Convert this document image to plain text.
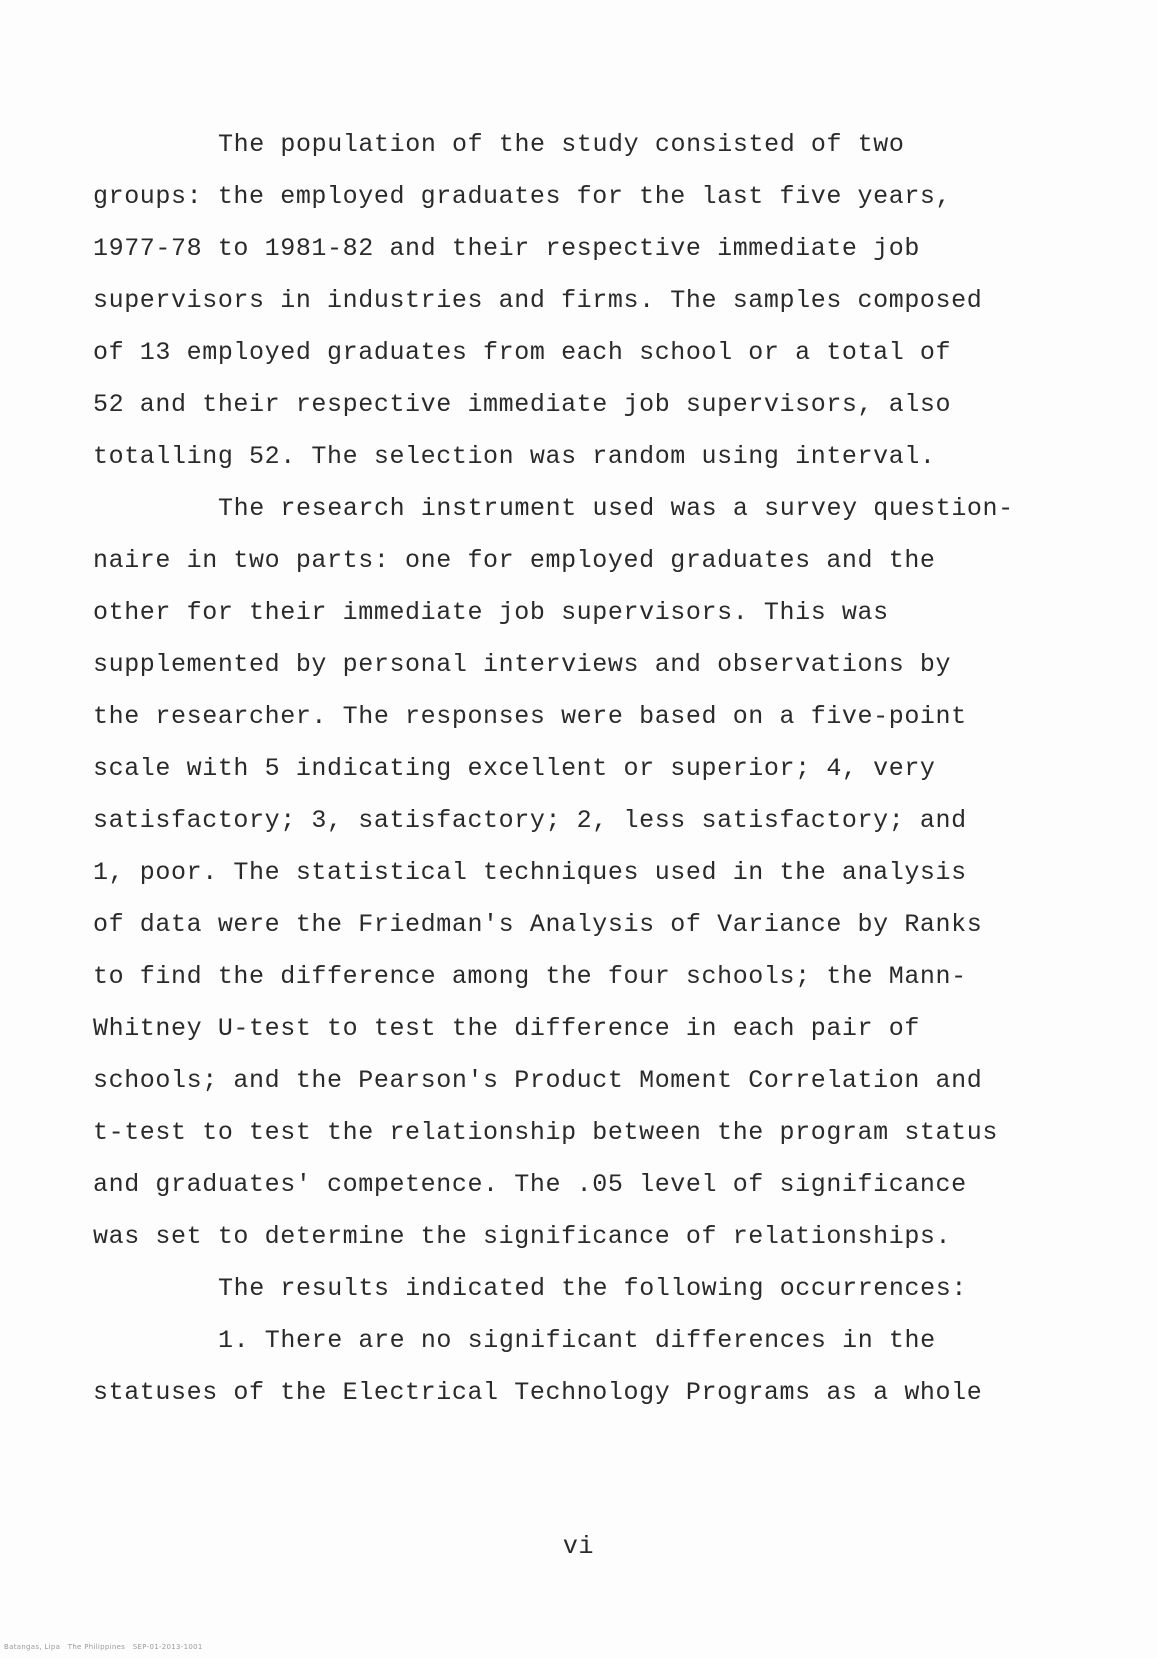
The population of the study consisted of two
groups: the employed graduates for the last five years,
1977-78 to 1981-82 and their respective immediate job
supervisors in industries and firms. The samples composed
of 13 employed graduates from each school or a total of
52 and their respective immediate job supervisors, also
totalling 52. The selection was random using interval.
The research instrument used was a survey question-
naire in two parts: one for employed graduates and the
other for their immediate job supervisors. This was
supplemented by personal interviews and observations by
the researcher. The responses were based on a five-point
scale with 5 indicating excellent or superior; 4, very
satisfactory; 3, satisfactory; 2, less satisfactory; and
1, poor. The statistical techniques used in the analysis
of data were the Friedman's Analysis of Variance by Ranks
to find the difference among the four schools; the Mann-
Whitney U-test to test the difference in each pair of
schools; and the Pearson's Product Moment Correlation and
t-test to test the relationship between the program status
and graduates' competence. The .05 level of significance
was set to determine the significance of relationships.
The results indicated the following occurrences:
1. There are no significant differences in the
statuses of the Electrical Technology Programs as a whole
vi
Batangas, Lipa   The Philippines   SEP-01-2013-1001
